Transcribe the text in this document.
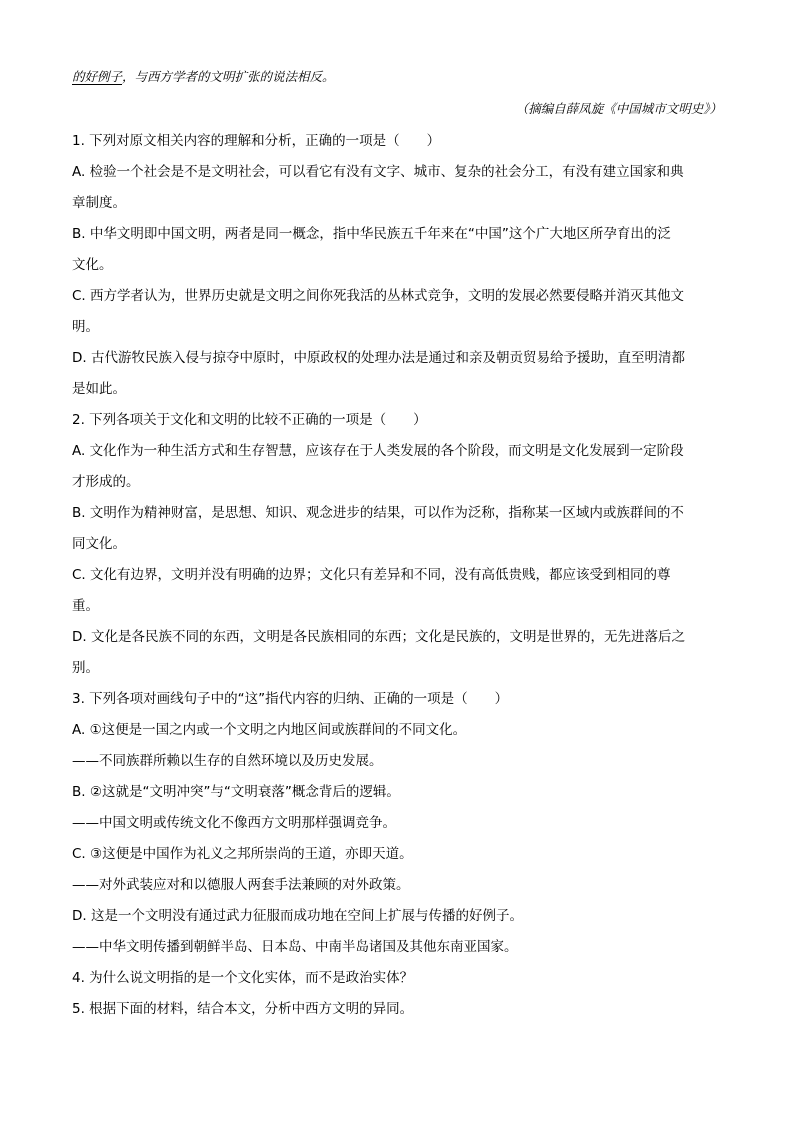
的好例子，与西方学者的文明扩张的说法相反。
（摘编自薛凤旋《中国城市文明史》）
1. 下列对原文相关内容的理解和分析，正确的一项是（　　）
A. 检验一个社会是不是文明社会，可以看它有没有文字、城市、复杂的社会分工，有没有建立国家和典
章制度。
B. 中华文明即中国文明，两者是同一概念，指中华民族五千年来在“中国”这个广大地区所孕育出的泛
文化。
C. 西方学者认为，世界历史就是文明之间你死我活的丛林式竞争，文明的发展必然要侵略并消灭其他文
明。
D. 古代游牧民族入侵与掠夺中原时，中原政权的处理办法是通过和亲及朝贡贸易给予援助，直至明清都
是如此。
2. 下列各项关于文化和文明的比较不正确的一项是（　　）
A. 文化作为一种生活方式和生存智慧，应该存在于人类发展的各个阶段，而文明是文化发展到一定阶段
才形成的。
B. 文明作为精神财富，是思想、知识、观念进步的结果，可以作为泛称，指称某一区域内或族群间的不
同文化。
C. 文化有边界，文明并没有明确的边界；文化只有差异和不同，没有高低贵贱，都应该受到相同的尊
重。
D. 文化是各民族不同的东西，文明是各民族相同的东西；文化是民族的，文明是世界的，无先进落后之
别。
3. 下列各项对画线句子中的“这”指代内容的归纳、正确的一项是（　　）
A. ①这便是一国之内或一个文明之内地区间或族群间的不同文化。
——不同族群所赖以生存的自然环境以及历史发展。
B. ②这就是“文明冲突”与“文明衰落”概念背后的逻辑。
——中国文明或传统文化不像西方文明那样强调竞争。
C. ③这便是中国作为礼义之邦所崇尚的王道，亦即天道。
——对外武装应对和以德服人两套手法兼顾的对外政策。
D. 这是一个文明没有通过武力征服而成功地在空间上扩展与传播的好例子。
——中华文明传播到朝鲜半岛、日本岛、中南半岛诸国及其他东南亚国家。
4. 为什么说文明指的是一个文化实体，而不是政治实体？
5. 根据下面的材料，结合本文，分析中西方文明的异同。
